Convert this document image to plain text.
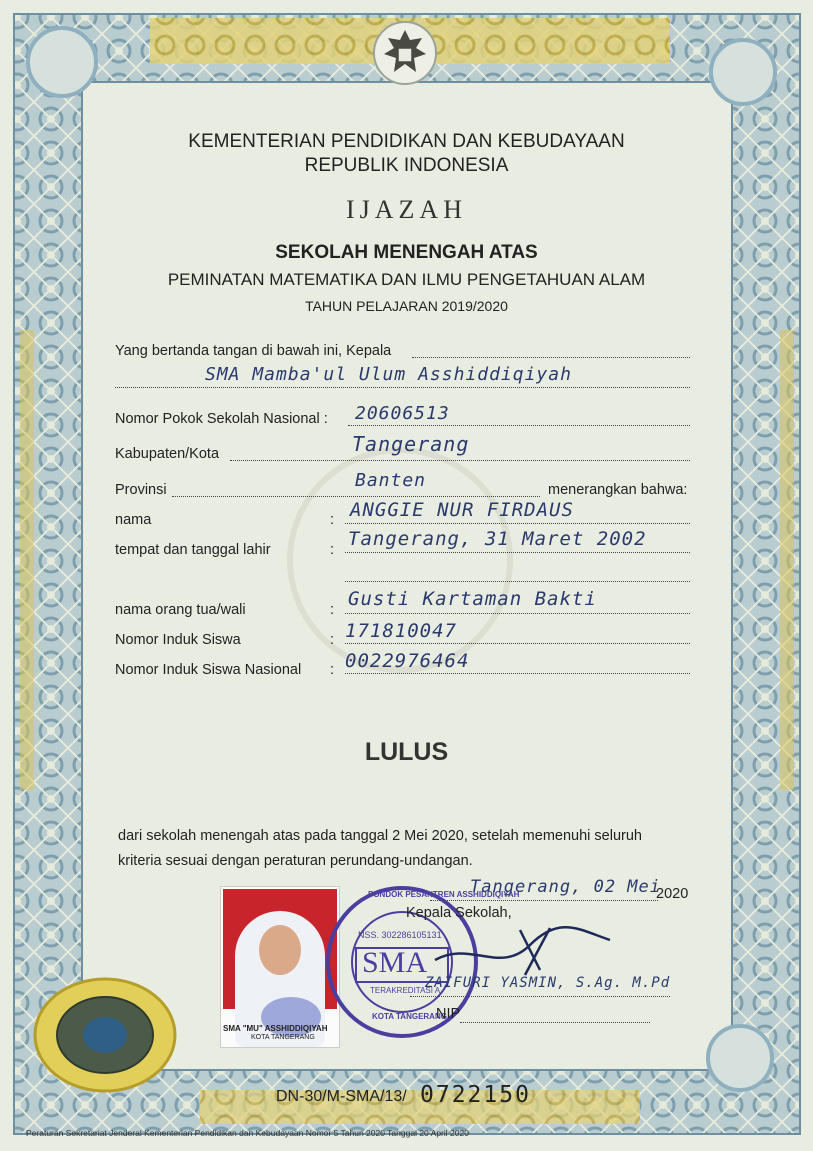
KEMENTERIAN PENDIDIKAN DAN KEBUDAYAAN
REPUBLIK INDONESIA
IJAZAH
SEKOLAH MENENGAH ATAS
PEMINATAN MATEMATIKA DAN ILMU PENGETAHUAN ALAM
TAHUN PELAJARAN 2019/2020
Yang bertanda tangan di bawah ini, Kepala
SMA Mamba'ul Ulum Asshiddiqiyah
Nomor Pokok Sekolah Nasional : 20606513
Kabupaten/Kota	Tangerang
Provinsi	Banten	menerangkan bahwa:
nama	: ANGGIE NUR FIRDAUS
tempat dan tanggal lahir	: Tangerang, 31 Maret 2002
nama orang tua/wali	: Gusti Kartaman Bakti
Nomor Induk Siswa	: 171810047
Nomor Induk Siswa Nasional : 0022976464
LULUS
dari sekolah menengah atas pada tanggal 2 Mei 2020, setelah memenuhi seluruh
kriteria sesuai dengan peraturan perundang-undangan.
SMA "MU" ASSHIDDIQIYAH
KOTA TANGERANG
PONDOK PESANTREN ASSHIDDIQIYAH
NSS. 302286105131
SMA
TERAKREDITASI A
KOTA TANGERANG
Tangerang, 02 Mei
2020
Kepala Sekolah,
ZAIFURI YASMIN, S.Ag. M.Pd
NIP
DN-30/M-SMA/13/ 0722150
Peraturan Sekretariat Jenderal Kementerian Pendidikan dan Kebudayaan Nomor 5 Tahun 2020 Tanggal 20 April 2020
